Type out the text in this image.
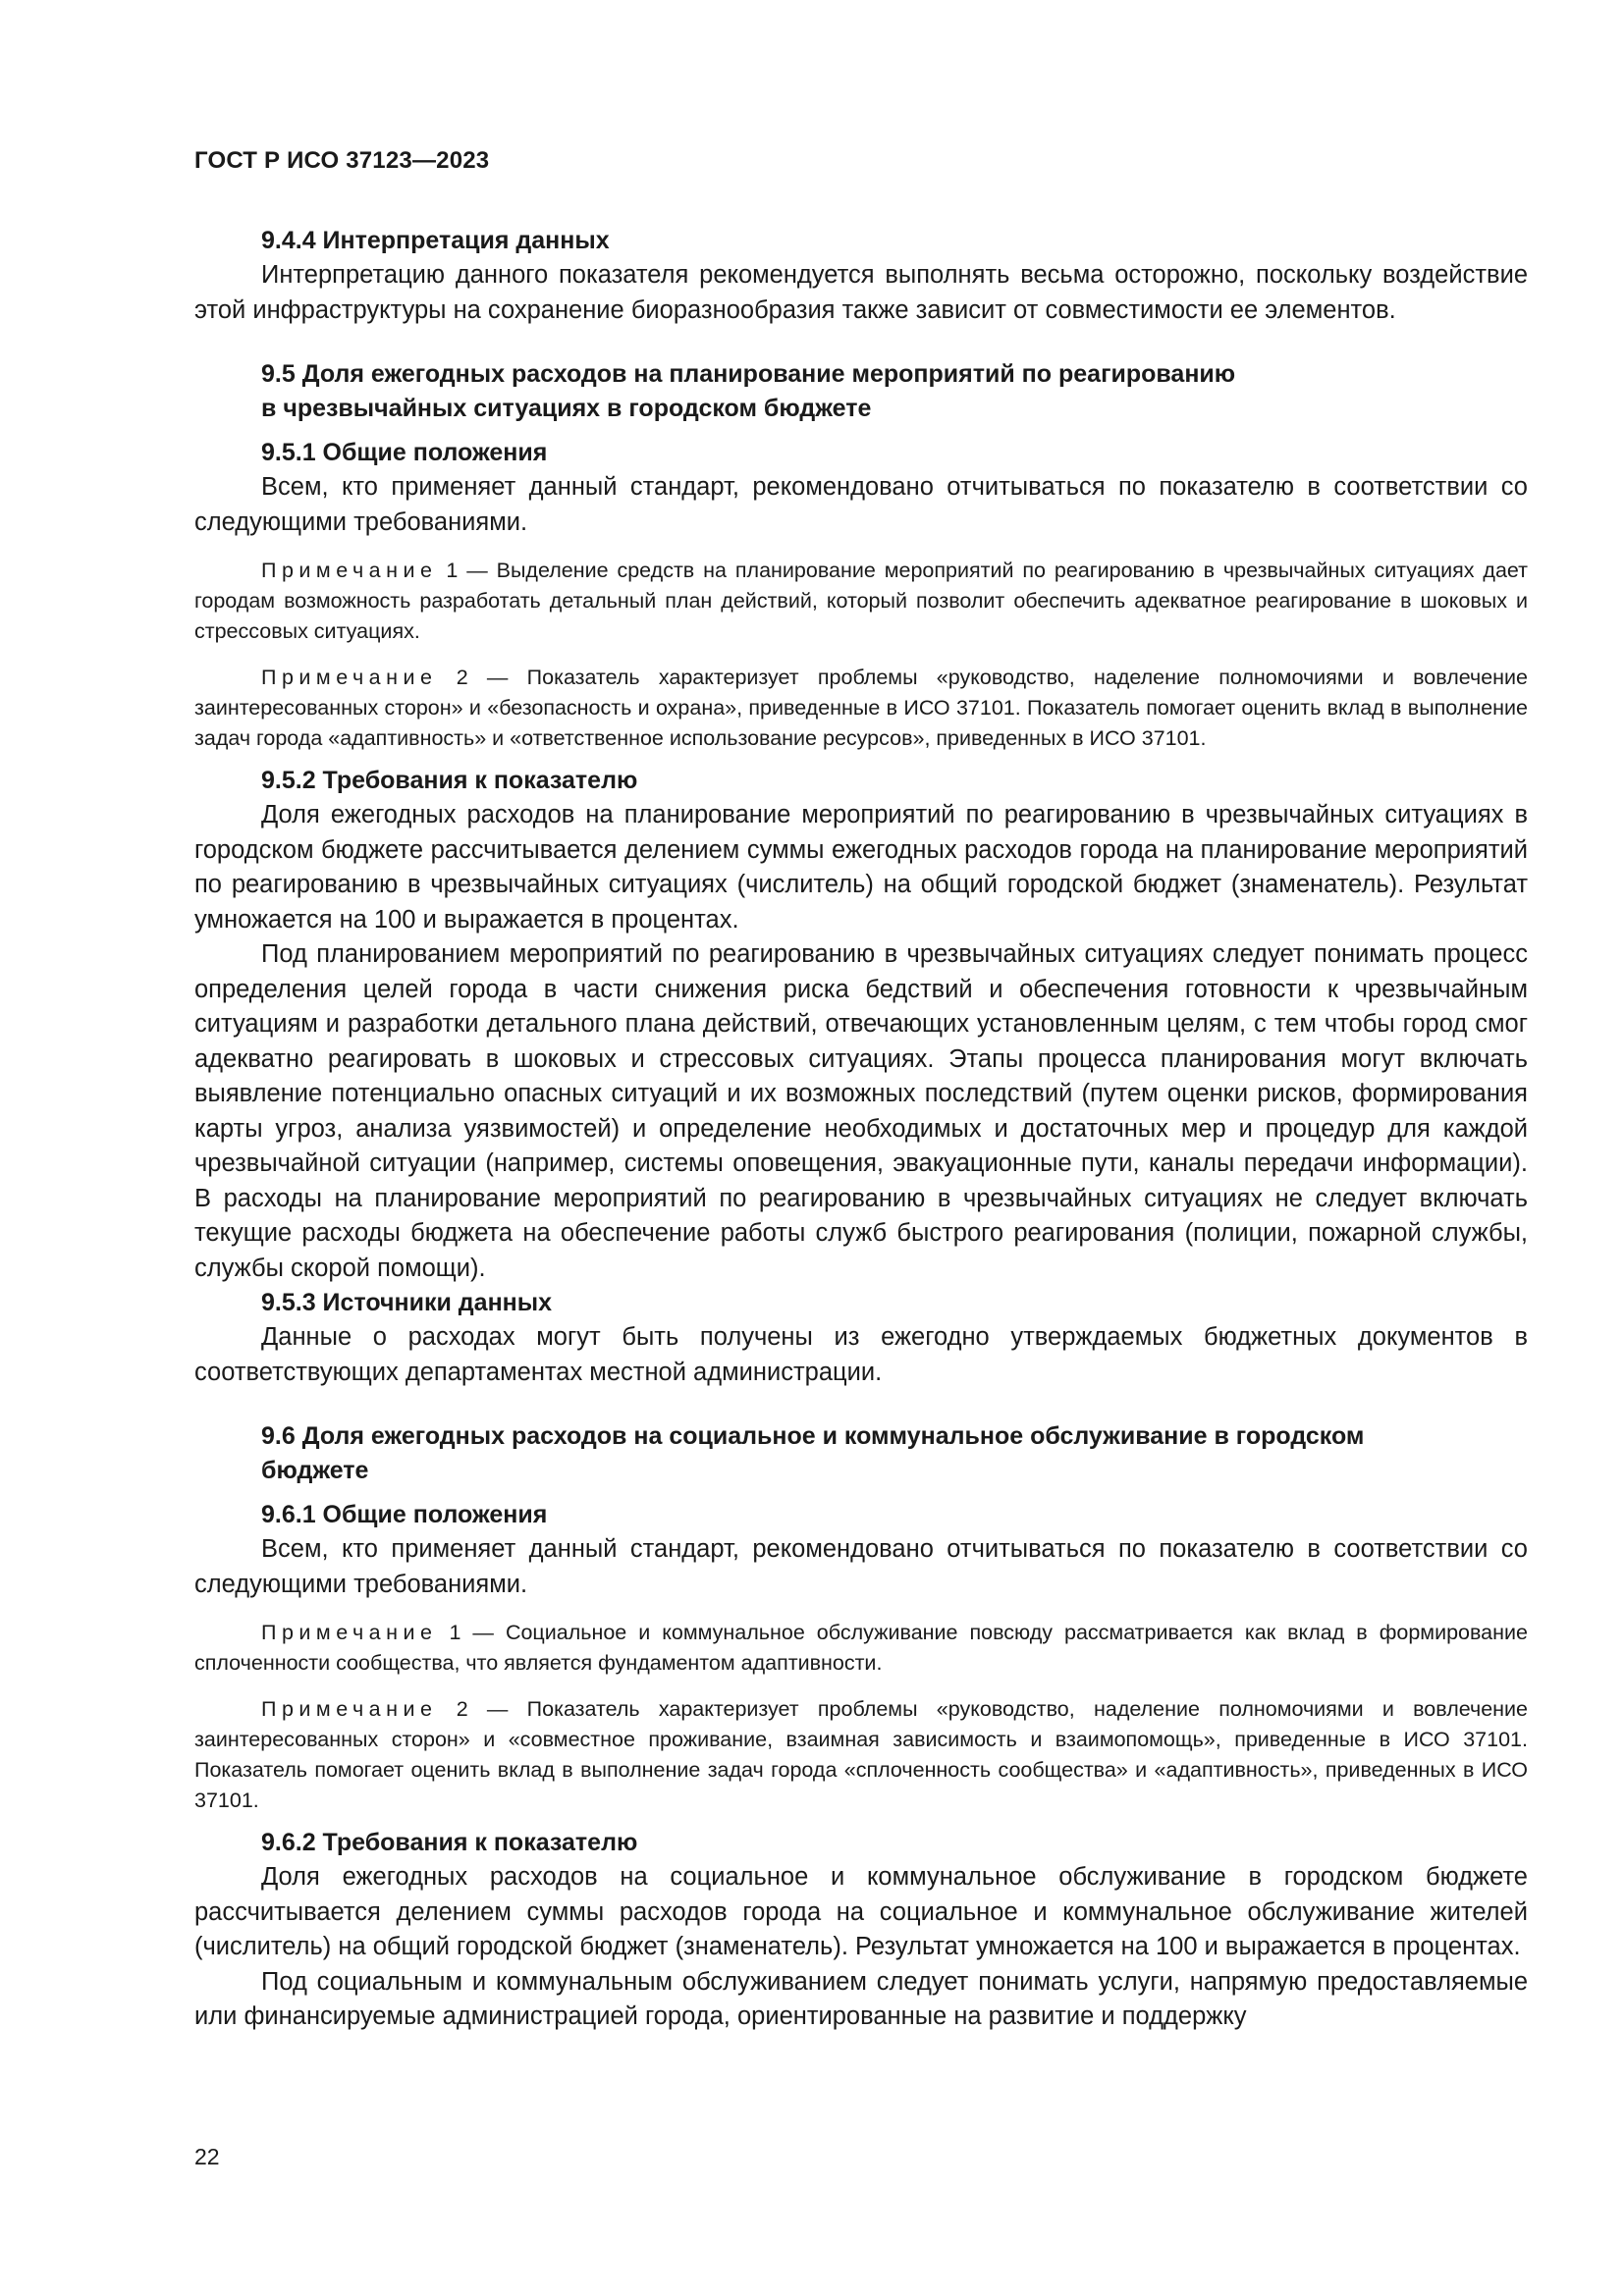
ГОСТ Р ИСО 37123—2023

9.4.4 Интерпретация данных

Интерпретацию данного показателя рекомендуется выполнять весьма осторожно, поскольку воздействие этой инфраструктуры на сохранение биоразнообразия также зависит от совместимости ее элементов.

9.5 Доля ежегодных расходов на планирование мероприятий по реагированию

в чрезвычайных ситуациях в городском бюджете

9.5.1 Общие положения

Всем, кто применяет данный стандарт, рекомендовано отчитываться по показателю в соответствии со следующими требованиями.

Примечание 1 — Выделение средств на планирование мероприятий по реагированию в чрезвычайных ситуациях дает городам возможность разработать детальный план действий, который позволит обеспечить адекватное реагирование в шоковых и стрессовых ситуациях.

Примечание 2 — Показатель характеризует проблемы «руководство, наделение полномочиями и вовлечение заинтересованных сторон» и «безопасность и охрана», приведенные в ИСО 37101. Показатель помогает оценить вклад в выполнение задач города «адаптивность» и «ответственное использование ресурсов», приведенных в ИСО 37101.

9.5.2 Требования к показателю

Доля ежегодных расходов на планирование мероприятий по реагированию в чрезвычайных ситуациях в городском бюджете рассчитывается делением суммы ежегодных расходов города на планирование мероприятий по реагированию в чрезвычайных ситуациях (числитель) на общий городской бюджет (знаменатель). Результат умножается на 100 и выражается в процентах.

Под планированием мероприятий по реагированию в чрезвычайных ситуациях следует понимать процесс определения целей города в части снижения риска бедствий и обеспечения готовности к чрезвычайным ситуациям и разработки детального плана действий, отвечающих установленным целям, с тем чтобы город смог адекватно реагировать в шоковых и стрессовых ситуациях. Этапы процесса планирования могут включать выявление потенциально опасных ситуаций и их возможных последствий (путем оценки рисков, формирования карты угроз, анализа уязвимостей) и определение необходимых и достаточных мер и процедур для каждой чрезвычайной ситуации (например, системы оповещения, эвакуационные пути, каналы передачи информации). В расходы на планирование мероприятий по реагированию в чрезвычайных ситуациях не следует включать текущие расходы бюджета на обеспечение работы служб быстрого реагирования (полиции, пожарной службы, службы скорой помощи).

9.5.3 Источники данных

Данные о расходах могут быть получены из ежегодно утверждаемых бюджетных документов в соответствующих департаментах местной администрации.

9.6 Доля ежегодных расходов на социальное и коммунальное обслуживание в городском

бюджете

9.6.1 Общие положения

Всем, кто применяет данный стандарт, рекомендовано отчитываться по показателю в соответствии со следующими требованиями.

Примечание 1 — Социальное и коммунальное обслуживание повсюду рассматривается как вклад в формирование сплоченности сообщества, что является фундаментом адаптивности.

Примечание 2 — Показатель характеризует проблемы «руководство, наделение полномочиями и вовлечение заинтересованных сторон» и «совместное проживание, взаимная зависимость и взаимопомощь», приведенные в ИСО 37101. Показатель помогает оценить вклад в выполнение задач города «сплоченность сообщества» и «адаптивность», приведенных в ИСО 37101.

9.6.2 Требования к показателю

Доля ежегодных расходов на социальное и коммунальное обслуживание в городском бюджете рассчитывается делением суммы расходов города на социальное и коммунальное обслуживание жителей (числитель) на общий городской бюджет (знаменатель). Результат умножается на 100 и выражается в процентах.

Под социальным и коммунальным обслуживанием следует понимать услуги, напрямую предоставляемые или финансируемые администрацией города, ориентированные на развитие и поддержку

22
